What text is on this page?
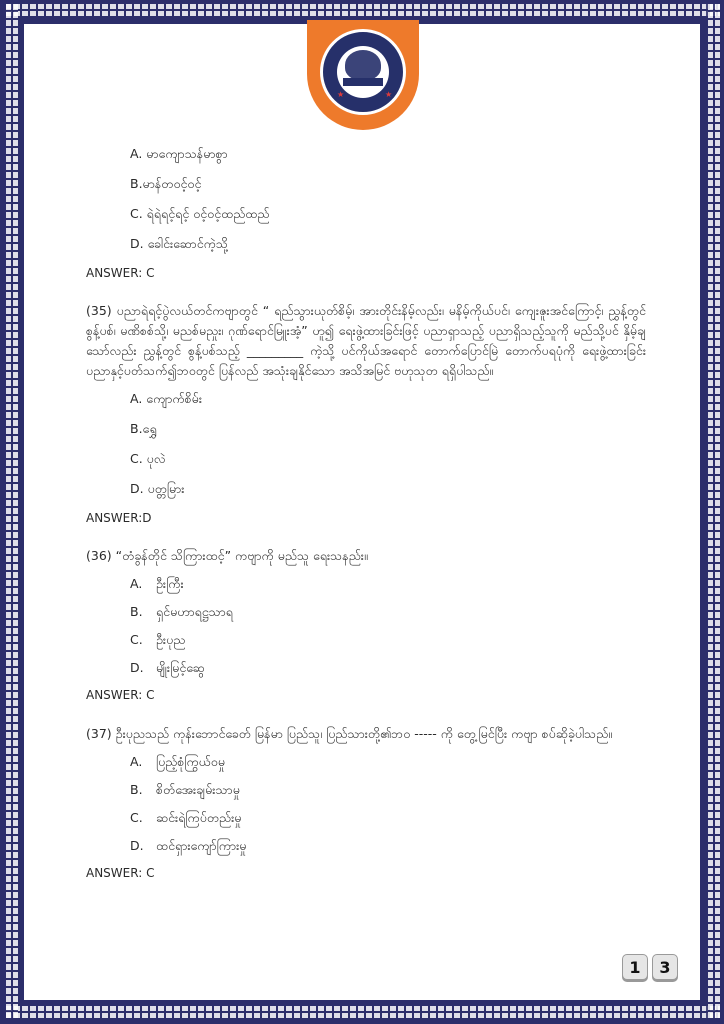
★	★
A. မာကျောသန်မာစွာ
B.မာန်တဝင့်ဝင့်
C. ရဲရဲရင့်ရင့် ဝင့်ဝင့်ထည်ထည်
D. ခေါင်းဆောင်ကဲ့သို့
ANSWER: C
(35) ပညာရဲရင့်ပွဲလယ်တင်ကဗျာတွင် “ ရည်သွားယုတ်စိမ့်၊ အားတိုင်းနိမ့်လည်း၊ မနိမ့်ကိုယ်ပင်၊ ကျေးဇူးအင်ကြောင့်၊ ညွှန့်တွင်စွန့်ပစ်၊ မဏိစစ်သို့၊ မညစ်မညှုး၊ ဂုဏ်ရောင်မြူးအံ့” ဟူ၍ ရေးဖွဲ့ထားခြင်းဖြင့် ပညာရှာသည့် ပညာရှိသည့်သူကို မည်သို့ပင် နှိမ့်ချသော်လည်း ညွှန့်တွင် စွန့်ပစ်သည့် _________ ကဲ့သို့ ပင်ကိုယ်အရောင် တောက်ပြောင်မြဲ တောက်ပရပုံကို ရေးဖွဲ့ထားခြင်း ပညာနှင့်ပတ်သက်၍ဘဝတွင် ပြန်လည် အသုံးချနိုင်သော အသိအမြင် ဗဟုသုတ ရရှိပါသည်။
A. ကျောက်စိမ်း
B.ရွှေ
C. ပုလဲ
D. ပတ္တမြား
ANSWER:D
(36) “တံခွန်တိုင် သိကြားထင့်” ကဗျာကို မည်သူ ရေးသနည်း။
A.	ဦးကြီး
B.	ရှင်မဟာရဋ္ဌသာရ
C.	ဦးပုည
D. မျိုးမြင့်ဆွေ
ANSWER: C
(37) ဦးပုညသည် ကုန်းဘောင်ခေတ် မြန်မာ ပြည်သူ၊ ပြည်သားတို့၏ဘဝ ----- ကို တွေ့မြင်ပြီး ကဗျာ စပ်ဆိုခဲ့ပါသည်။
A.	ပြည့်စုံကြွယ်ဝမှု
B.	စိတ်အေးချမ်းသာမှု
C.	ဆင်းရဲကြပ်တည်းမှု
D. ထင်ရှားကျော်ကြားမှု
ANSWER: C
1	3
